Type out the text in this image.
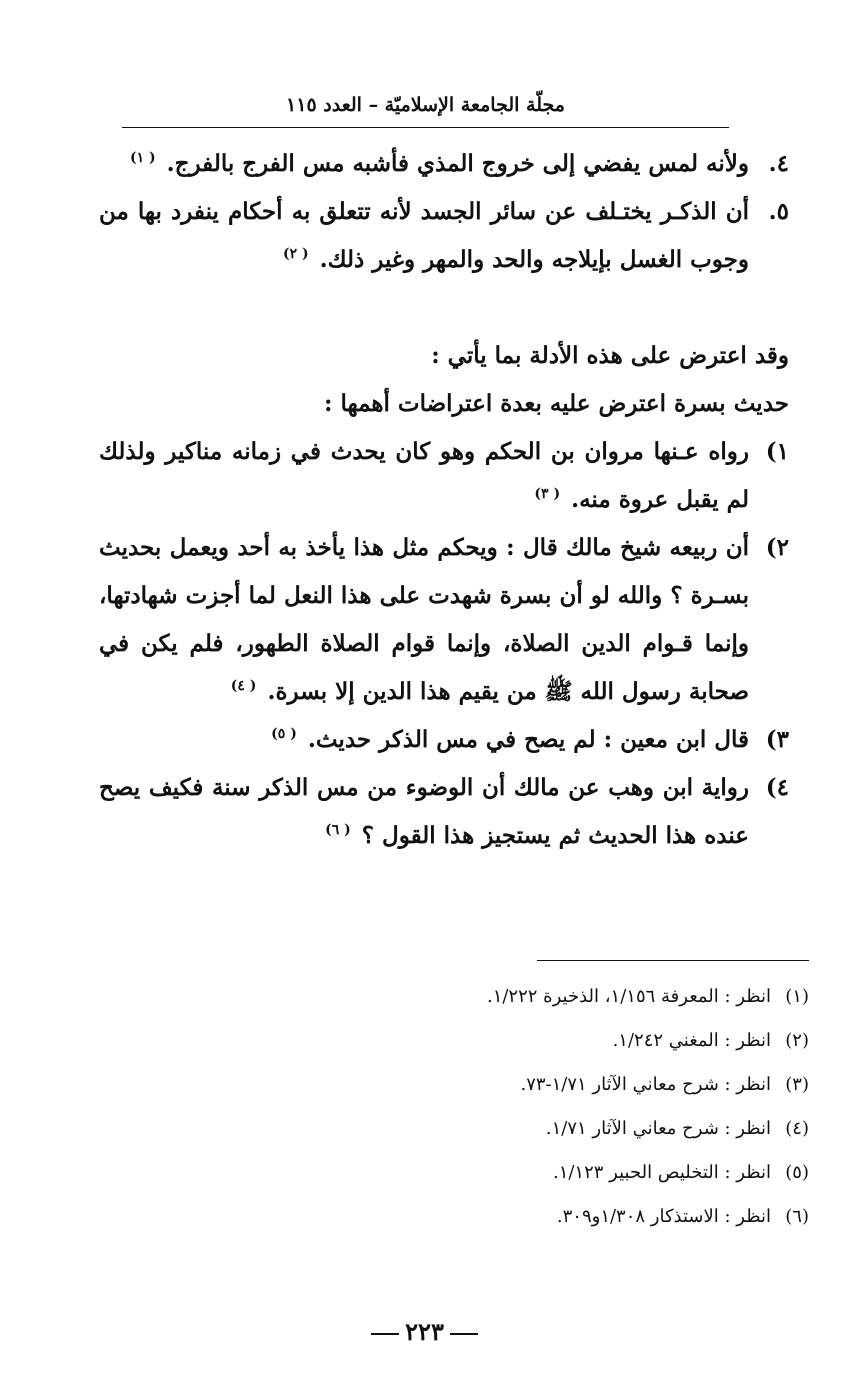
مجلّة الجامعة الإسلاميّة – العدد ١١٥
٤.
ولأنه لمس يفضي إلى خروج المذي فأشبه مس الفرج بالفرج. $^{( ١)}$
٥.
أن الذكـر يختـلف عن سائر الجسد لأنه تتعلق به أحكام ينفرد بها من وجوب الغسل بإيلاجه والحد والمهر وغير ذلك. $^{( ٢)}$

وقد اعترض على هذه الأدلة بما يأتي :

حديث بسرة اعترض عليه بعدة اعتراضات أهمها :

١)
رواه عـنها مروان بن الحكم وهو كان يحدث في زمانه مناكير ولذلك لم يقبل عروة منه. $^{( ٣)}$
٢)
أن ربيعه شيخ مالك قال : ويحكم مثل هذا يأخذ به أحد ويعمل بحديث بسـرة ؟ والله لو أن بسرة شهدت على هذا النعل لما أجزت شهادتها، وإنما قـوام الدين الصلاة، وإنما قوام الصلاة الطهور، فلم يكن في صحابة رسول الله ﷺ من يقيم هذا الدين إلا بسرة. $^{( ٤)}$
٣)
قال ابن معين : لم يصح في مس الذكر حديث. $^{( ٥)}$
٤)
رواية ابن وهب عن مالك أن الوضوء من مس الذكر سنة فكيف يصح عنده هذا الحديث ثم يستجيز هذا القول ؟ $^{( ٦)}$
(١)
انظر : المعرفة ١/١٥٦، الذخيرة ١/٢٢٢.
(٢)
انظر : المغني ١/٢٤٢.
(٣)
انظر : شرح معاني الآثار ١/٧١-٧٣.
(٤)
انظر : شرح معاني الآثار ١/٧١.
(٥)
انظر : التخليص الحبير ١/١٢٣.
(٦)
انظر : الاستذكار ١/٣٠٨و٣٠٩.
٢٢٣
